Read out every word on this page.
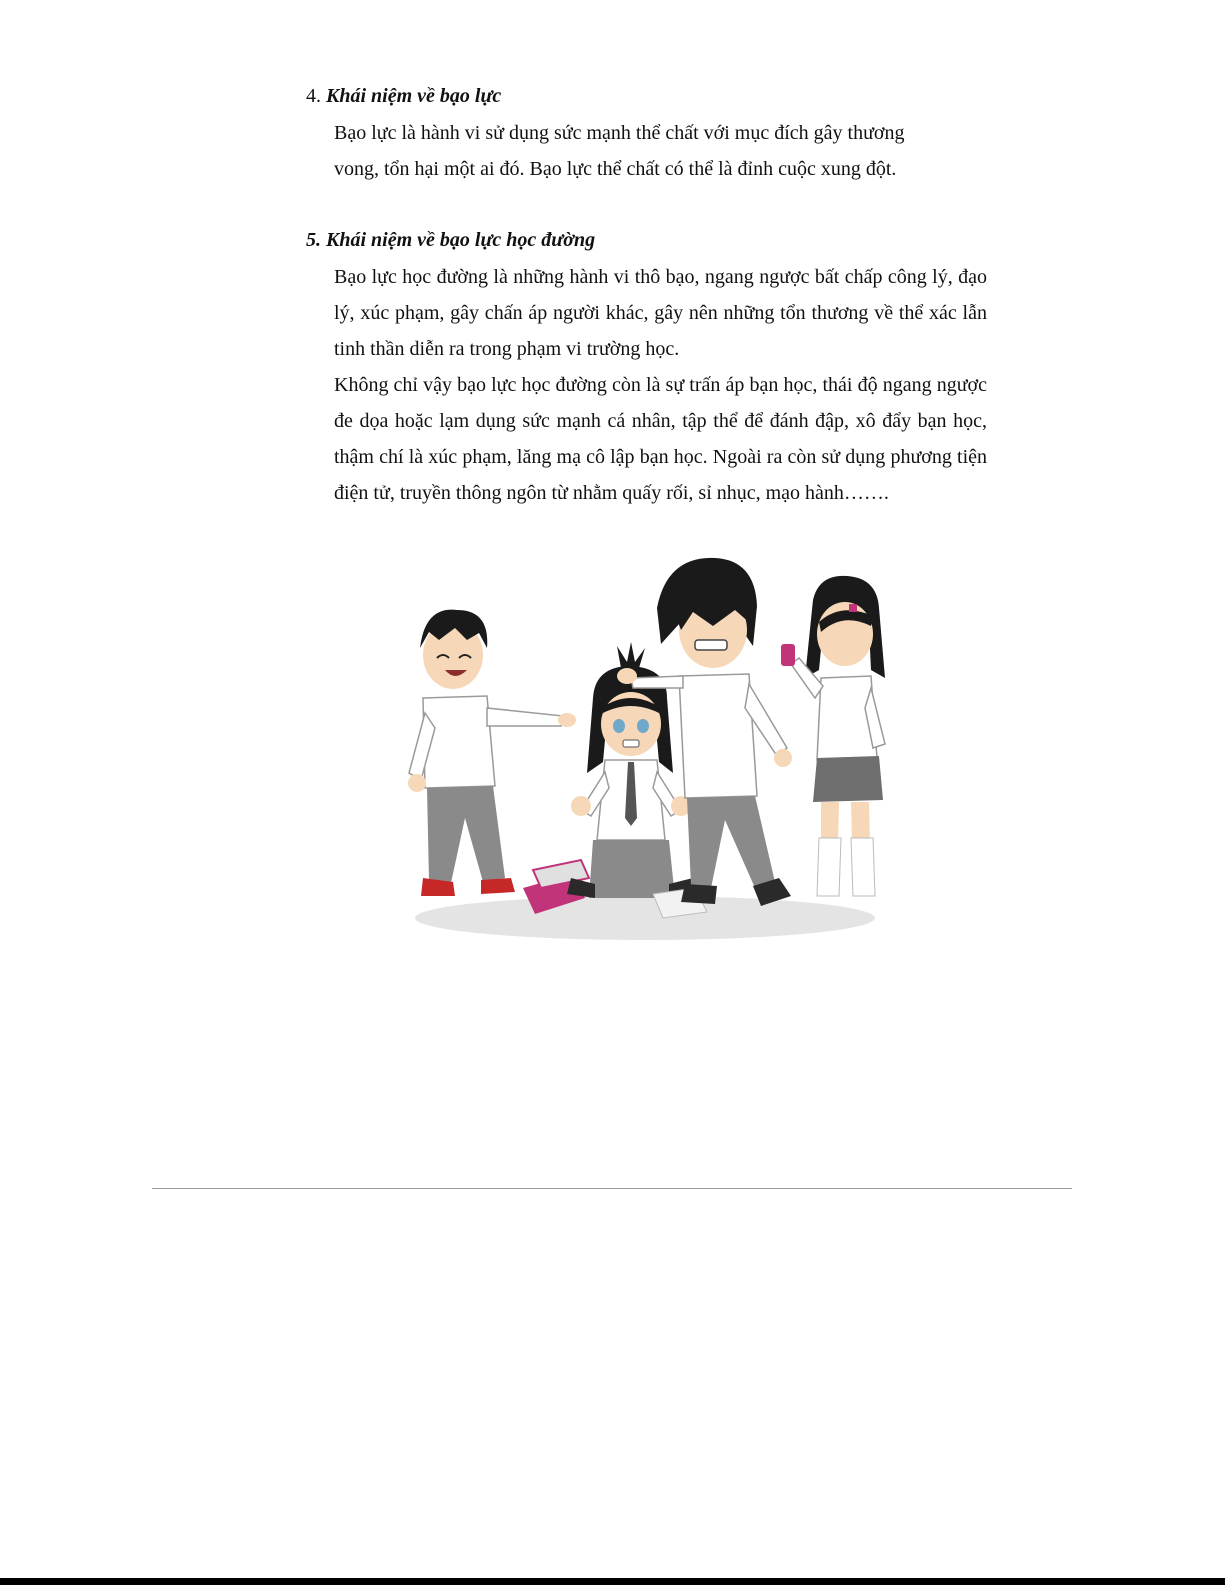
4. Khái niệm về bạo lực
Bạo lực là hành vi sử dụng sức mạnh thể chất với mục đích gây thương vong, tổn hại một ai đó. Bạo lực thể chất có thể là đỉnh cuộc xung đột.
5. Khái niệm về bạo lực học đường
Bạo lực học đường là những hành vi thô bạo, ngang ngược bất chấp công lý, đạo lý, xúc phạm, gây chấn áp người khác, gây nên những tổn thương về thể xác lẫn tinh thần diễn ra trong phạm vi trường học.
Không chỉ vậy bạo lực học đường còn là sự trấn áp bạn học, thái độ ngang ngược đe dọa hoặc lạm dụng sức mạnh cá nhân, tập thể để đánh đập, xô đẩy bạn học, thậm chí là xúc phạm, lăng mạ cô lập bạn học. Ngoài ra còn sử dụng phương tiện điện tử, truyền thông ngôn từ nhằm quấy rối, sỉ nhục, mạo hành…….
